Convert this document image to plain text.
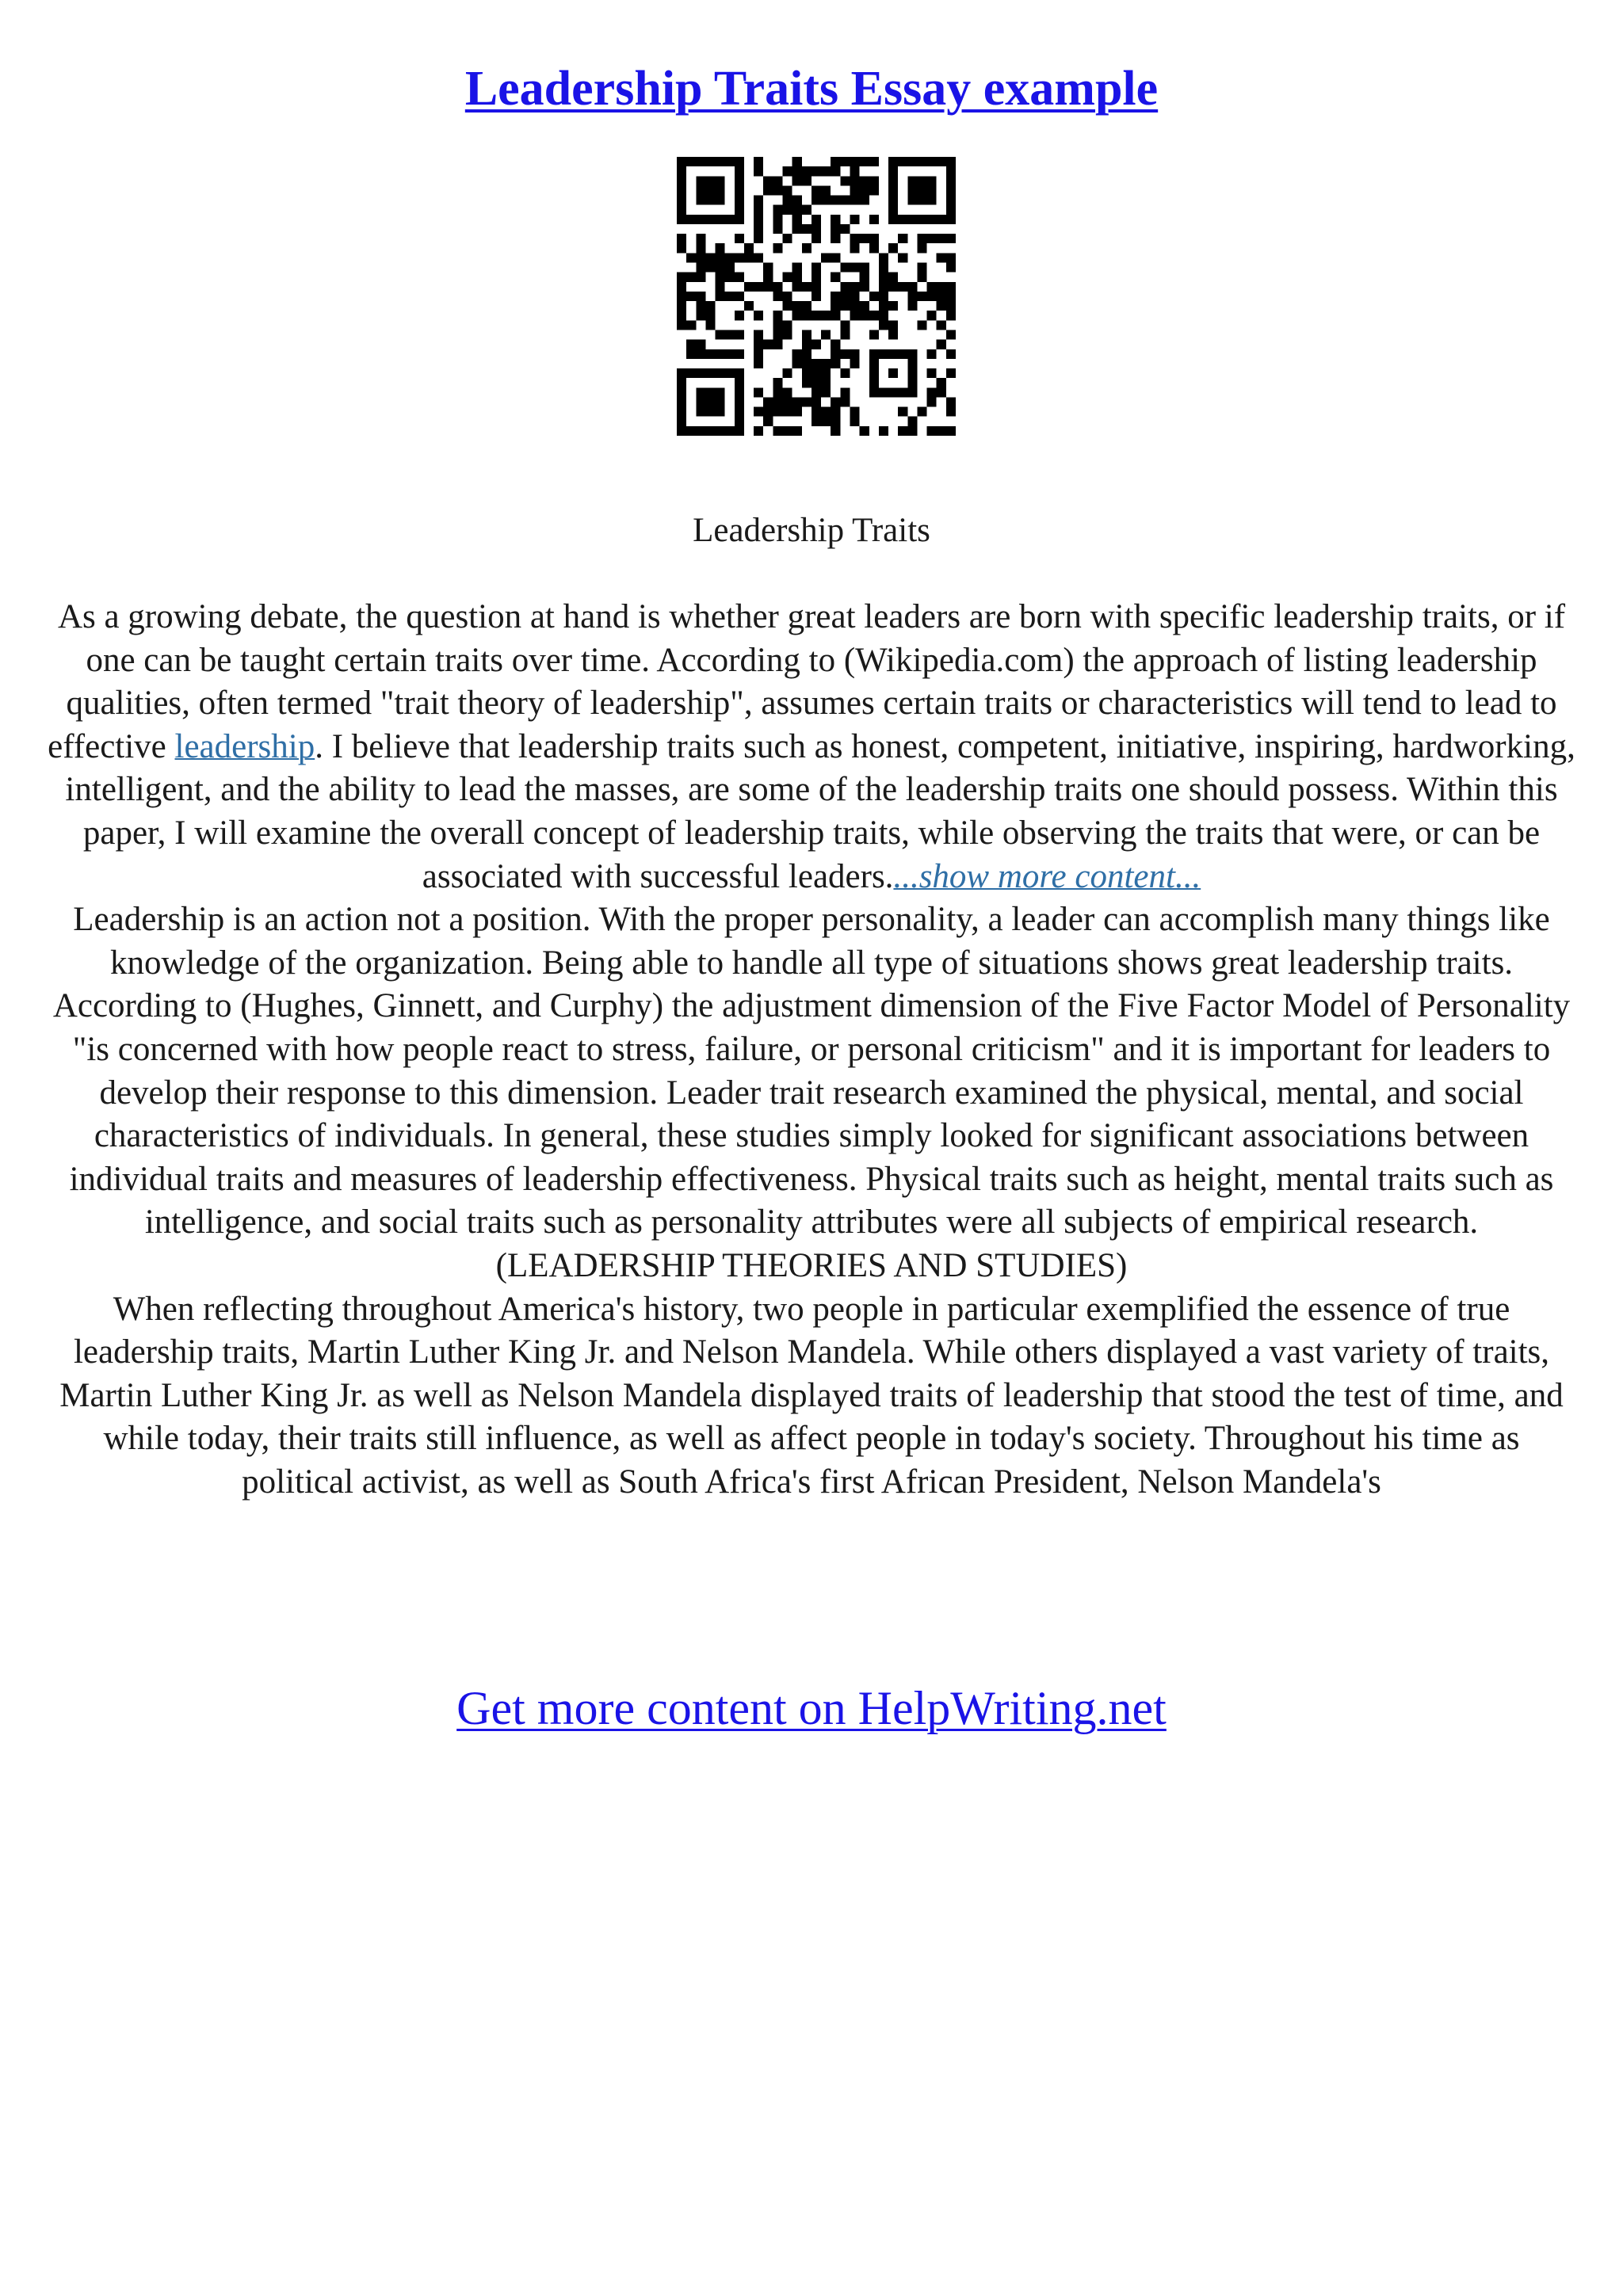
Leadership Traits Essay example
Leadership Traits

As a growing debate, the question at hand is whether great leaders are born with specific leadership traits, or if one can be taught certain traits over time. According to (Wikipedia.com) the approach of listing leadership qualities, often termed "trait theory of leadership", assumes certain traits or characteristics will tend to lead to effective leadership. I believe that leadership traits such as honest, competent, initiative, inspiring, hardworking, intelligent, and the ability to lead the masses, are some of the leadership traits one should possess. Within this paper, I will examine the overall concept of leadership traits, while observing the traits that were, or can be associated with successful leaders....show more content...

Leadership is an action not a position. With the proper personality, a leader can accomplish many things like knowledge of the organization. Being able to handle all type of situations shows great leadership traits. According to (Hughes, Ginnett, and Curphy) the adjustment dimension of the Five Factor Model of Personality "is concerned with how people react to stress, failure, or personal criticism" and it is important for leaders to develop their response to this dimension. Leader trait research examined the physical, mental, and social characteristics of individuals. In general, these studies simply looked for significant associations between individual traits and measures of leadership effectiveness. Physical traits such as height, mental traits such as intelligence, and social traits such as personality attributes were all subjects of empirical research. (LEADERSHIP THEORIES AND STUDIES)

When reflecting throughout America's history, two people in particular exemplified the essence of true leadership traits, Martin Luther King Jr. and Nelson Mandela. While others displayed a vast variety of traits, Martin Luther King Jr. as well as Nelson Mandela displayed traits of leadership that stood the test of time, and while today, their traits still influence, as well as affect people in today's society. Throughout his time as political activist, as well as South Africa's first African President, Nelson Mandela's

Get more content on HelpWriting.net
